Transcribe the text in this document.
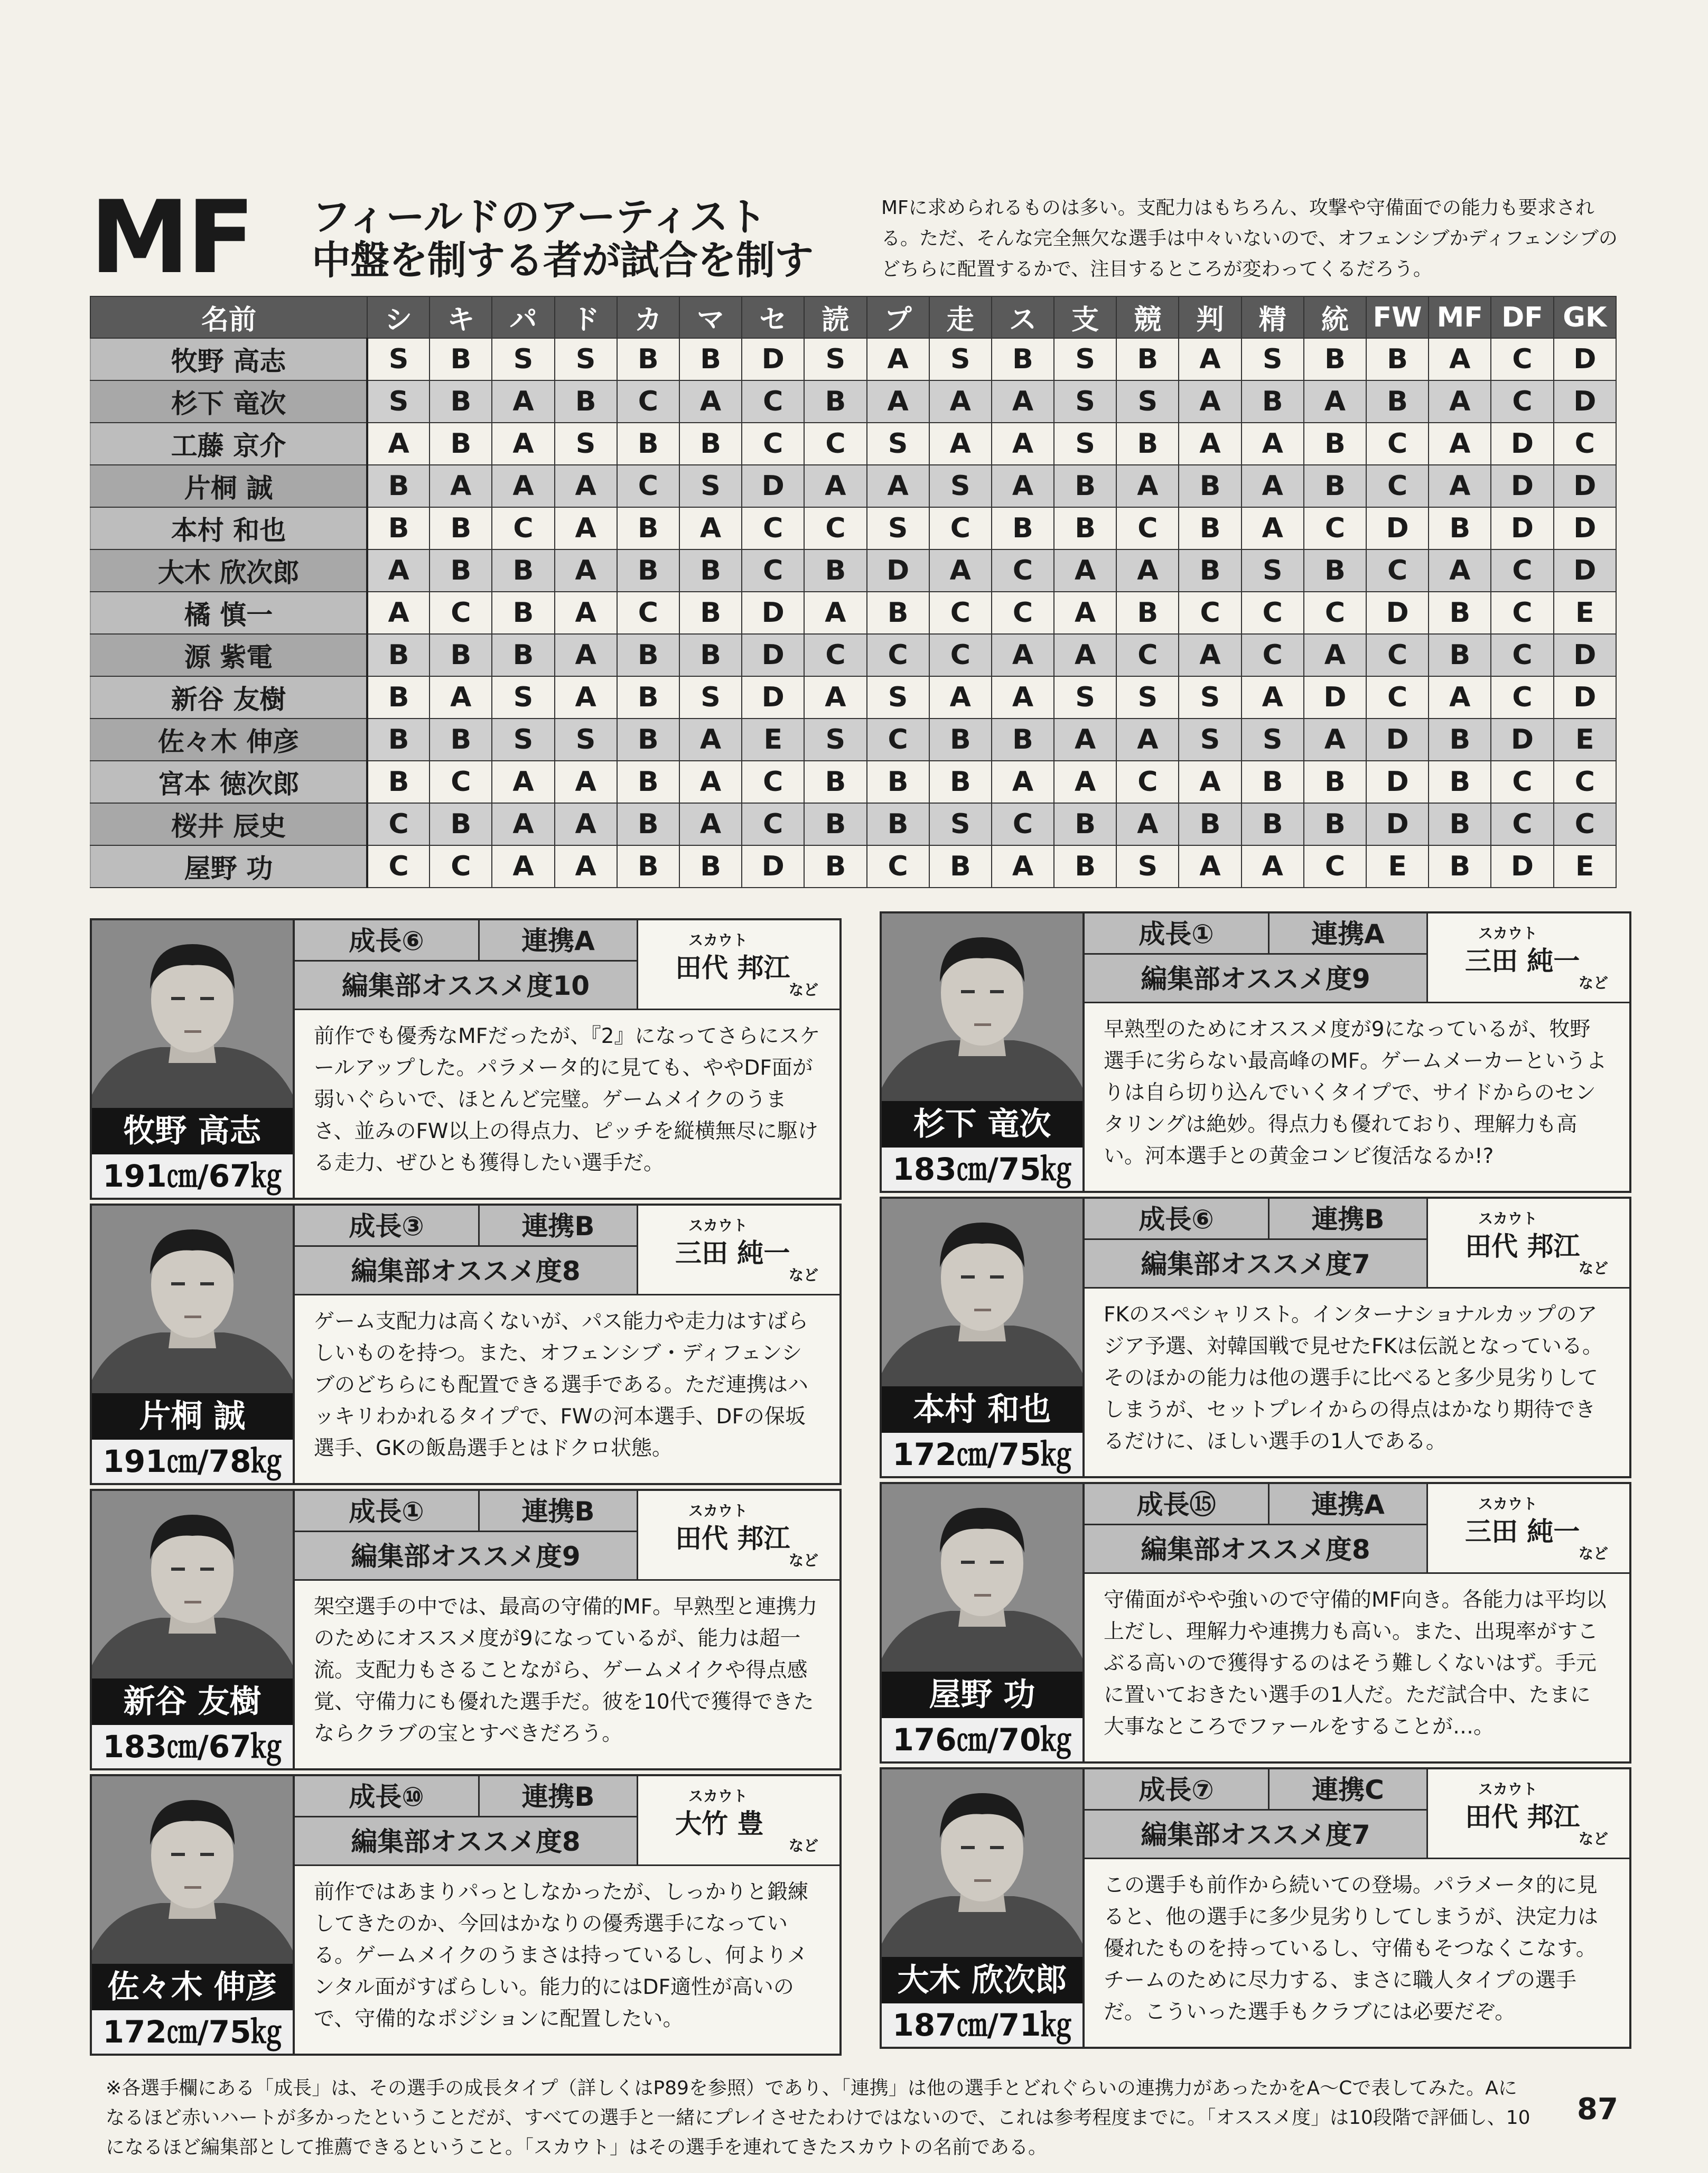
MF フィールドのアーティスト
中盤を制する者が試合を制す
MFに求められるものは多い。支配力はもちろん、攻撃や守備面での能力も要求される。ただ、そんな完全無欠な選手は中々いないので、オフェンシブかディフェンシブのどちらに配置するかで、注目するところが変わってくるだろう。
名前	シ	キ	パ	ド	カ	マ	セ	読	プ	走	ス	支	競	判	精	統	FW	MF	DF	GK
牧野 高志	S	B	S	S	B	B	D	S	A	S	B	S	B	A	S	B	B	A	C	D
杉下 竜次	S	B	A	B	C	A	C	B	A	A	A	S	S	A	B	A	B	A	C	D
工藤 京介	A	B	A	S	B	B	C	C	S	A	A	S	B	A	A	B	C	A	D	C
片桐 誠	B	A	A	A	C	S	D	A	A	S	A	B	A	B	A	B	C	A	D	D
本村 和也	B	B	C	A	B	A	C	C	S	C	B	B	C	B	A	C	D	B	D	D
大木 欣次郎	A	B	B	A	B	B	C	B	D	A	C	A	A	B	S	B	C	A	C	D
橘 慎一	A	C	B	A	C	B	D	A	B	C	C	A	B	C	C	C	D	B	C	E
源 紫電	B	B	B	A	B	B	D	C	C	C	A	A	C	A	C	A	C	B	C	D
新谷 友樹	B	A	S	A	B	S	D	A	S	A	A	S	S	S	A	D	C	A	C	D
佐々木 伸彦	B	B	S	S	B	A	E	S	C	B	B	A	A	S	S	A	D	B	D	E
宮本 徳次郎	B	C	A	A	B	A	C	B	B	B	A	A	C	A	B	B	D	B	C	C
桜井 辰史	C	B	A	A	B	A	C	B	B	S	C	B	A	B	B	B	D	B	C	C
屋野 功	C	C	A	A	B	B	D	B	C	B	A	B	S	A	A	C	E	B	D	E
牧野 高志
191㎝/67㎏
成長⑥	連携A
編集部オススメ度10
スカウト
田代 邦江
など
前作でも優秀なMFだったが、『2』になってさらにスケールアップした。パラメータ的に見ても、ややDF面が弱いぐらいで、ほとんど完璧。ゲームメイクのうまさ、並みのFW以上の得点力、ピッチを縦横無尽に駆ける走力、ぜひとも獲得したい選手だ。
杉下 竜次
183㎝/75㎏
成長①	連携A
編集部オススメ度9
スカウト
三田 純一
など
早熟型のためにオススメ度が9になっているが、牧野選手に劣らない最高峰のMF。ゲームメーカーというよりは自ら切り込んでいくタイプで、サイドからのセンタリングは絶妙。得点力も優れており、理解力も高い。河本選手との黄金コンビ復活なるか!?
片桐 誠
191㎝/78㎏
成長③	連携B
編集部オススメ度8
スカウト
三田 純一
など
ゲーム支配力は高くないが、パス能力や走力はすばらしいものを持つ。また、オフェンシブ・ディフェンシブのどちらにも配置できる選手である。ただ連携はハッキリわかれるタイプで、FWの河本選手、DFの保坂選手、GKの飯島選手とはドクロ状態。
本村 和也
172㎝/75㎏
成長⑥	連携B
編集部オススメ度7
スカウト
田代 邦江
など
FKのスペシャリスト。インターナショナルカップのアジア予選、対韓国戦で見せたFKは伝説となっている。そのほかの能力は他の選手に比べると多少見劣りしてしまうが、セットプレイからの得点はかなり期待できるだけに、ほしい選手の1人である。
新谷 友樹
183㎝/67㎏
成長①	連携B
編集部オススメ度9
スカウト
田代 邦江
など
架空選手の中では、最高の守備的MF。早熟型と連携力のためにオススメ度が9になっているが、能力は超一流。支配力もさることながら、ゲームメイクや得点感覚、守備力にも優れた選手だ。彼を10代で獲得できたならクラブの宝とすべきだろう。
屋野 功
176㎝/70㎏
成長⑮	連携A
編集部オススメ度8
スカウト
三田 純一
など
守備面がやや強いので守備的MF向き。各能力は平均以上だし、理解力や連携力も高い。また、出現率がすこぶる高いので獲得するのはそう難しくないはず。手元に置いておきたい選手の1人だ。ただ試合中、たまに大事なところでファールをすることが…。
佐々木 伸彦
172㎝/75㎏
成長⑩	連携B
編集部オススメ度8
スカウト
大竹 豊
など
前作ではあまりパっとしなかったが、しっかりと鍛練してきたのか、今回はかなりの優秀選手になっている。ゲームメイクのうまさは持っているし、何よりメンタル面がすばらしい。能力的にはDF適性が高いので、守備的なポジションに配置したい。
大木 欣次郎
187㎝/71㎏
成長⑦	連携C
編集部オススメ度7
スカウト
田代 邦江
など
この選手も前作から続いての登場。パラメータ的に見ると、他の選手に多少見劣りしてしまうが、決定力は優れたものを持っているし、守備もそつなくこなす。チームのために尽力する、まさに職人タイプの選手だ。こういった選手もクラブには必要だぞ。
※各選手欄にある「成長」は、その選手の成長タイプ（詳しくはP89を参照）であり、「連携」は他の選手とどれぐらいの連携力があったかをA〜Cで表してみた。Aになるほど赤いハートが多かったということだが、すべての選手と一緒にプレイさせたわけではないので、これは参考程度までに。「オススメ度」は10段階で評価し、10になるほど編集部として推薦できるということ。「スカウト」はその選手を連れてきたスカウトの名前である。
87
